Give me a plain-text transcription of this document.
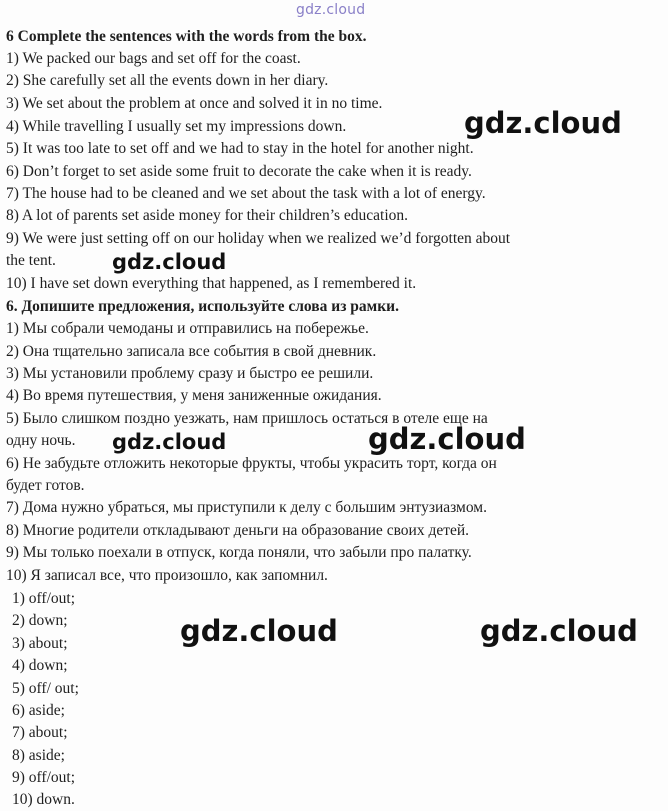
gdz.cloud
6 Complete the sentences with the words from the box.
1) We packed our bags and set off for the coast.
2) She carefully set all the events down in her diary.
3) We set about the problem at once and solved it in no time.
4) While travelling I usually set my impressions down.
5) It was too late to set off and we had to stay in the hotel for another night.
6) Don’t forget to set aside some fruit to decorate the cake when it is ready.
7) The house had to be cleaned and we set about the task with a lot of energy.
8) A lot of parents set aside money for their children’s education.
9) We were just setting off on our holiday when we realized we’d forgotten about
the tent.
10) I have set down everything that happened, as I remembered it.
6. Допишите предложения, используйте слова из рамки.
1) Мы собрали чемоданы и отправились на побережье.
2) Она тщательно записала все события в свой дневник.
3) Мы установили проблему сразу и быстро ее решили.
4) Во время путешествия, у меня заниженные ожидания.
5) Было слишком поздно уезжать, нам пришлось остаться в отеле еще на
одну ночь.
6) Не забудьте отложить некоторые фрукты, чтобы украсить торт, когда он
будет готов.
7) Дома нужно убраться, мы приступили к делу с большим энтузиазмом.
8) Многие родители откладывают деньги на образование своих детей.
9) Мы только поехали в отпуск, когда поняли, что забыли про палатку.
10) Я записал все, что произошло, как запомнил.
1) off/out;
2) down;
3) about;
4) down;
5) off/ out;
6) aside;
7) about;
8) aside;
9) off/out;
10) down.
gdz.cloud
gdz.cloud
gdz.cloud	gdz.cloud
gdz.cloud	gdz.cloud
